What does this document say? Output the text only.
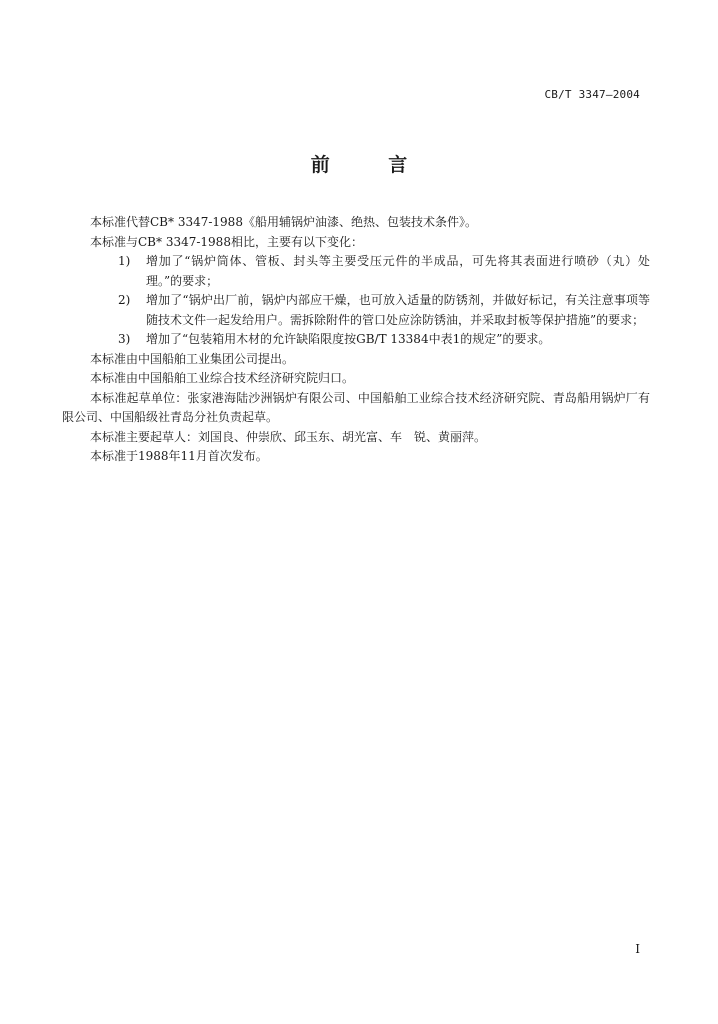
CB/T 3347—2004
前 言

本标准代替CB* 3347-1988《船用辅锅炉油漆、绝热、包装技术条件》。

本标准与CB* 3347-1988相比，主要有以下变化：

1) 增加了“锅炉筒体、管板、封头等主要受压元件的半成品，可先将其表面进行喷砂（丸）处理。”的要求；
2) 增加了“锅炉出厂前，锅炉内部应干燥，也可放入适量的防锈剂，并做好标记，有关注意事项等随技术文件一起发给用户。需拆除附件的管口处应涂防锈油，并采取封板等保护措施”的要求；
3) 增加了“包装箱用木材的允许缺陷限度按GB/T 13384中表1的规定”的要求。

本标准由中国船舶工业集团公司提出。

本标准由中国船舶工业综合技术经济研究院归口。

本标准起草单位：张家港海陆沙洲锅炉有限公司、中国船舶工业综合技术经济研究院、青岛船用锅炉厂有限公司、中国船级社青岛分社负责起草。

本标准主要起草人：刘国良、仲崇欣、邱玉东、胡光富、车　锐、黄丽萍。

本标准于1988年11月首次发布。

I
